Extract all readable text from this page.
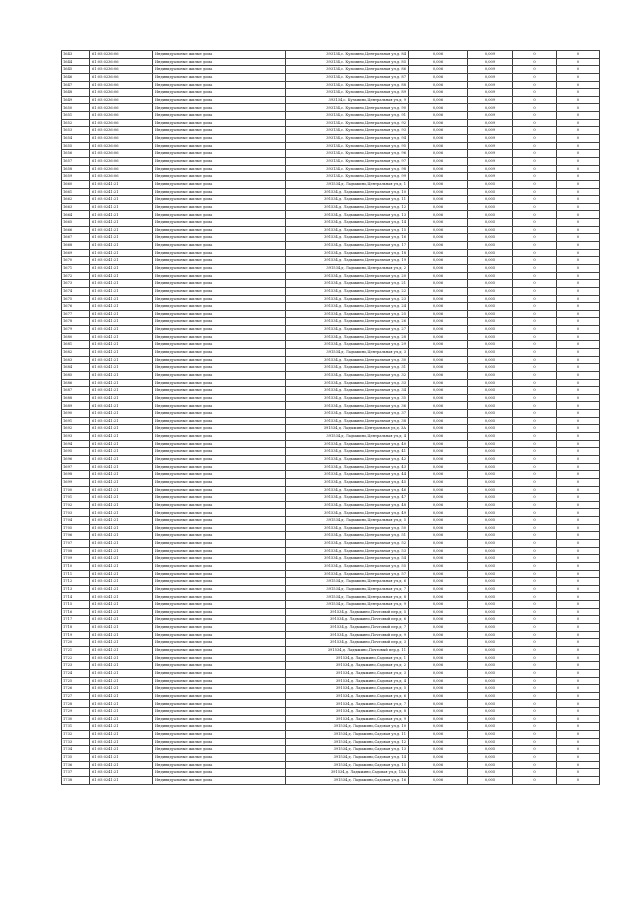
1643	61:05:0236:06	Индивидуальные жилые дома	393134,с. Кузьмино,Центральная ул,д. 84	0,006	0,009	0	0
1644	61:05:0236:06	Индивидуальные жилые дома	393134,с. Кузьмино,Центральная ул,д. 85	0,006	0,009	0	0
1645	61:05:0236:06	Индивидуальные жилые дома	393134,с. Кузьмино,Центральная ул,д. 86	0,006	0,009	0	0
1646	61:05:0236:06	Индивидуальные жилые дома	393134,с. Кузьмино,Центральная ул,д. 87	0,006	0,009	0	0
1647	61:05:0236:06	Индивидуальные жилые дома	393134,с. Кузьмино,Центральная ул,д. 88	0,006	0,009	0	0
1648	61:05:0236:06	Индивидуальные жилые дома	393134,с. Кузьмино,Центральная ул,д. 89	0,006	0,009	0	0
1649	61:05:0236:06	Индивидуальные жилые дома	393134,с. Кузьмино,Центральная ул,д. 9	0,006	0,009	0	0
1650	61:05:0236:06	Индивидуальные жилые дома	393134,с. Кузьмино,Центральная ул,д. 90	0,006	0,009	0	0
1651	61:05:0236:06	Индивидуальные жилые дома	393134,с. Кузьмино,Центральная ул,д. 91	0,006	0,009	0	0
1652	61:05:0236:06	Индивидуальные жилые дома	393134,с. Кузьмино,Центральная ул,д. 92	0,006	0,009	0	0
1653	61:05:0236:06	Индивидуальные жилые дома	393134,с. Кузьмино,Центральная ул,д. 93	0,006	0,009	0	0
1654	61:05:0236:06	Индивидуальные жилые дома	393134,с. Кузьмино,Центральная ул,д. 94	0,006	0,009	0	0
1655	61:05:0236:06	Индивидуальные жилые дома	393134,с. Кузьмино,Центральная ул,д. 95	0,006	0,009	0	0
1656	61:05:0236:06	Индивидуальные жилые дома	393134,с. Кузьмино,Центральная ул,д. 96	0,006	0,009	0	0
1657	61:05:0236:06	Индивидуальные жилые дома	393134,с. Кузьмино,Центральная ул,д. 97	0,006	0,009	0	0
1658	61:05:0236:06	Индивидуальные жилые дома	393134,с. Кузьмино,Центральная ул,д. 98	0,006	0,009	0	0
1659	61:05:0236:06	Индивидуальные жилые дома	393134,с. Кузьмино,Центральная ул,д. 99	0,006	0,009	0	0
1660	61:05:0241:21	Индивидуальные жилые дома	391534,д. Ладыжино,Центральная ул,д. 1	0,006	0,005	0	0
1661	61:05:0241:21	Индивидуальные жилые дома	391534,д. Ладыжино,Центральная ул,д. 10	0,006	0,005	0	0
1662	61:05:0241:21	Индивидуальные жилые дома	391534,д. Ладыжино,Центральная ул,д. 11	0,006	0,005	0	0
1663	61:05:0241:21	Индивидуальные жилые дома	391534,д. Ладыжино,Центральная ул,д. 12	0,006	0,005	0	0
1664	61:05:0241:21	Индивидуальные жилые дома	391534,д. Ладыжино,Центральная ул,д. 13	0,006	0,005	0	0
1665	61:05:0241:21	Индивидуальные жилые дома	391534,д. Ладыжино,Центральная ул,д. 14	0,006	0,005	0	0
1666	61:05:0241:21	Индивидуальные жилые дома	391534,д. Ладыжино,Центральная ул,д. 15	0,006	0,005	0	0
1667	61:05:0241:21	Индивидуальные жилые дома	391534,д. Ладыжино,Центральная ул,д. 16	0,006	0,005	0	0
1668	61:05:0241:21	Индивидуальные жилые дома	391534,д. Ладыжино,Центральная ул,д. 17	0,006	0,005	0	0
1669	61:05:0241:21	Индивидуальные жилые дома	391534,д. Ладыжино,Центральная ул,д. 18	0,006	0,005	0	0
1670	61:05:0241:21	Индивидуальные жилые дома	391534,д. Ладыжино,Центральная ул,д. 19	0,006	0,005	0	0
1671	61:05:0241:21	Индивидуальные жилые дома	391534,д. Ладыжино,Центральная ул,д. 2	0,006	0,005	0	0
1672	61:05:0241:21	Индивидуальные жилые дома	391534,д. Ладыжино,Центральная ул,д. 20	0,006	0,005	0	0
1673	61:05:0241:21	Индивидуальные жилые дома	391534,д. Ладыжино,Центральная ул,д. 21	0,006	0,005	0	0
1674	61:05:0241:21	Индивидуальные жилые дома	391534,д. Ладыжино,Центральная ул,д. 22	0,006	0,005	0	0
1675	61:05:0241:21	Индивидуальные жилые дома	391534,д. Ладыжино,Центральная ул,д. 23	0,006	0,005	0	0
1676	61:05:0241:21	Индивидуальные жилые дома	391534,д. Ладыжино,Центральная ул,д. 24	0,006	0,005	0	0
1677	61:05:0241:21	Индивидуальные жилые дома	391534,д. Ладыжино,Центральная ул,д. 25	0,006	0,005	0	0
1678	61:05:0241:21	Индивидуальные жилые дома	391534,д. Ладыжино,Центральная ул,д. 26	0,006	0,005	0	0
1679	61:05:0241:21	Индивидуальные жилые дома	391534,д. Ладыжино,Центральная ул,д. 27	0,006	0,005	0	0
1680	61:05:0241:21	Индивидуальные жилые дома	391534,д. Ладыжино,Центральная ул,д. 28	0,006	0,005	0	0
1681	61:05:0241:21	Индивидуальные жилые дома	391534,д. Ладыжино,Центральная ул,д. 29	0,006	0,005	0	0
1682	61:05:0241:21	Индивидуальные жилые дома	391534,д. Ладыжино,Центральная ул,д. 3	0,006	0,005	0	0
1683	61:05:0241:21	Индивидуальные жилые дома	391534,д. Ладыжино,Центральная ул,д. 30	0,006	0,005	0	0
1684	61:05:0241:21	Индивидуальные жилые дома	391534,д. Ладыжино,Центральная ул,д. 31	0,006	0,005	0	0
1685	61:05:0241:21	Индивидуальные жилые дома	391534,д. Ладыжино,Центральная ул,д. 32	0,006	0,005	0	0
1686	61:05:0241:21	Индивидуальные жилые дома	391534,д. Ладыжино,Центральная ул,д. 33	0,006	0,005	0	0
1687	61:05:0241:21	Индивидуальные жилые дома	391534,д. Ладыжино,Центральная ул,д. 34	0,006	0,005	0	0
1688	61:05:0241:21	Индивидуальные жилые дома	391534,д. Ладыжино,Центральная ул,д. 35	0,006	0,005	0	0
1689	61:05:0241:21	Индивидуальные жилые дома	391534,д. Ладыжино,Центральная ул,д. 36	0,006	0,005	0	0
1690	61:05:0241:21	Индивидуальные жилые дома	391534,д. Ладыжино,Центральная ул,д. 37	0,006	0,005	0	0
1691	61:05:0241:21	Индивидуальные жилые дома	391534,д. Ладыжино,Центральная ул,д. 38	0,006	0,005	0	0
1692	61:05:0241:21	Индивидуальные жилые дома	391534,д. Ладыжино,Центральная ул,д. 3А	0,006	0,005	0	0
1693	61:05:0241:21	Индивидуальные жилые дома	391534,д. Ладыжино,Центральная ул,д. 4	0,006	0,005	0	0
1694	61:05:0241:21	Индивидуальные жилые дома	391534,д. Ладыжино,Центральная ул,д. 40	0,006	0,005	0	0
1695	61:05:0241:21	Индивидуальные жилые дома	391534,д. Ладыжино,Центральная ул,д. 41	0,006	0,005	0	0
1696	61:05:0241:21	Индивидуальные жилые дома	391534,д. Ладыжино,Центральная ул,д. 42	0,006	0,005	0	0
1697	61:05:0241:21	Индивидуальные жилые дома	391534,д. Ладыжино,Центральная ул,д. 43	0,006	0,005	0	0
1698	61:05:0241:21	Индивидуальные жилые дома	391534,д. Ладыжино,Центральная ул,д. 44	0,006	0,005	0	0
1699	61:05:0241:21	Индивидуальные жилые дома	391534,д. Ладыжино,Центральная ул,д. 45	0,006	0,005	0	0
1700	61:05:0241:21	Индивидуальные жилые дома	391534,д. Ладыжино,Центральная ул,д. 46	0,006	0,005	0	0
1701	61:05:0241:21	Индивидуальные жилые дома	391534,д. Ладыжино,Центральная ул,д. 47	0,006	0,005	0	0
1702	61:05:0241:21	Индивидуальные жилые дома	391534,д. Ладыжино,Центральная ул,д. 48	0,006	0,005	0	0
1703	61:05:0241:21	Индивидуальные жилые дома	391534,д. Ладыжино,Центральная ул,д. 49	0,006	0,005	0	0
1704	61:05:0241:21	Индивидуальные жилые дома	391534,д. Ладыжино,Центральная ул,д. 5	0,006	0,005	0	0
1705	61:05:0241:21	Индивидуальные жилые дома	391534,д. Ладыжино,Центральная ул,д. 50	0,006	0,005	0	0
1706	61:05:0241:21	Индивидуальные жилые дома	391534,д. Ладыжино,Центральная ул,д. 51	0,006	0,005	0	0
1707	61:05:0241:21	Индивидуальные жилые дома	391534,д. Ладыжино,Центральная ул,д. 52	0,006	0,005	0	0
1708	61:05:0241:21	Индивидуальные жилые дома	391534,д. Ладыжино,Центральная ул,д. 53	0,006	0,005	0	0
1709	61:05:0241:21	Индивидуальные жилые дома	391534,д. Ладыжино,Центральная ул,д. 54	0,006	0,005	0	0
1710	61:05:0241:21	Индивидуальные жилые дома	391534,д. Ладыжино,Центральная ул,д. 55	0,006	0,005	0	0
1711	61:05:0241:21	Индивидуальные жилые дома	391534,д. Ладыжино,Центральная ул,д. 57	0,006	0,005	0	0
1712	61:05:0241:21	Индивидуальные жилые дома	391534,д. Ладыжино,Центральная ул,д. 6	0,006	0,005	0	0
1713	61:05:0241:21	Индивидуальные жилые дома	391534,д. Ладыжино,Центральная ул,д. 7	0,006	0,005	0	0
1714	61:05:0241:21	Индивидуальные жилые дома	391534,д. Ладыжино,Центральная ул,д. 8	0,006	0,005	0	0
1715	61:05:0241:21	Индивидуальные жилые дома	391534,д. Ладыжино,Центральная ул,д. 9	0,006	0,005	0	0
1716	61:05:0241:21	Индивидуальные жилые дома	391534,д. Ладыжино,Почтовый пер,д. 5	0,006	0,005	0	0
1717	61:05:0241:21	Индивидуальные жилые дома	391534,д. Ладыжино,Почтовый пер,д. 6	0,006	0,005	0	0
1718	61:05:0241:21	Индивидуальные жилые дома	391534,д. Ладыжино,Почтовый пер,д. 7	0,006	0,005	0	0
1719	61:05:0241:21	Индивидуальные жилые дома	391534,д. Ладыжино,Почтовый пер,д. 9	0,006	0,005	0	0
1720	61:05:0241:21	Индивидуальные жилые дома	391534,д. Ладыжино,Почтовый пер,д. 3	0,006	0,005	0	0
1721	61:05:0241:21	Индивидуальные жилые дома	391534,д. Ладыжино,Почтовый пер,д. 11	0,006	0,005	0	0
1722	61:05:0241:21	Индивидуальные жилые дома	391534,д. Ладыжино,Садовая ул,д. 1	0,006	0,005	0	0
1723	61:05:0241:21	Индивидуальные жилые дома	391534,д. Ладыжино,Садовая ул,д. 2	0,006	0,005	0	0
1724	61:05:0241:21	Индивидуальные жилые дома	391534,д. Ладыжино,Садовая ул,д. 3	0,006	0,005	0	0
1725	61:05:0241:21	Индивидуальные жилые дома	391534,д. Ладыжино,Садовая ул,д. 4	0,006	0,005	0	0
1726	61:05:0241:21	Индивидуальные жилые дома	391534,д. Ладыжино,Садовая ул,д. 5	0,006	0,005	0	0
1727	61:05:0241:21	Индивидуальные жилые дома	391534,д. Ладыжино,Садовая ул,д. 6	0,006	0,005	0	0
1728	61:05:0241:21	Индивидуальные жилые дома	391534,д. Ладыжино,Садовая ул,д. 7	0,006	0,005	0	0
1729	61:05:0241:21	Индивидуальные жилые дома	391534,д. Ладыжино,Садовая ул,д. 8	0,006	0,005	0	0
1730	61:05:0241:21	Индивидуальные жилые дома	391534,д. Ладыжино,Садовая ул,д. 9	0,006	0,005	0	0
1731	61:05:0241:21	Индивидуальные жилые дома	391534,д. Ладыжино,Садовая ул,д. 10	0,006	0,005	0	0
1732	61:05:0241:21	Индивидуальные жилые дома	391534,д. Ладыжино,Садовая ул,д. 11	0,006	0,005	0	0
1733	61:05:0241:21	Индивидуальные жилые дома	391534,д. Ладыжино,Садовая ул,д. 12	0,006	0,005	0	0
1734	61:05:0241:21	Индивидуальные жилые дома	391534,д. Ладыжино,Садовая ул,д. 13	0,006	0,005	0	0
1735	61:05:0241:21	Индивидуальные жилые дома	391534,д. Ладыжино,Садовая ул,д. 14	0,006	0,005	0	0
1736	61:05:0241:21	Индивидуальные жилые дома	391534,д. Ладыжино,Садовая ул,д. 15	0,006	0,005	0	0
1737	61:05:0241:21	Индивидуальные жилые дома	391534,д. Ладыжино,Садовая ул,д. 15А	0,006	0,005	0	0
1738	61:05:0241:21	Индивидуальные жилые дома	391534,д. Ладыжино,Садовая ул,д. 16	0,006	0,005	0	0
